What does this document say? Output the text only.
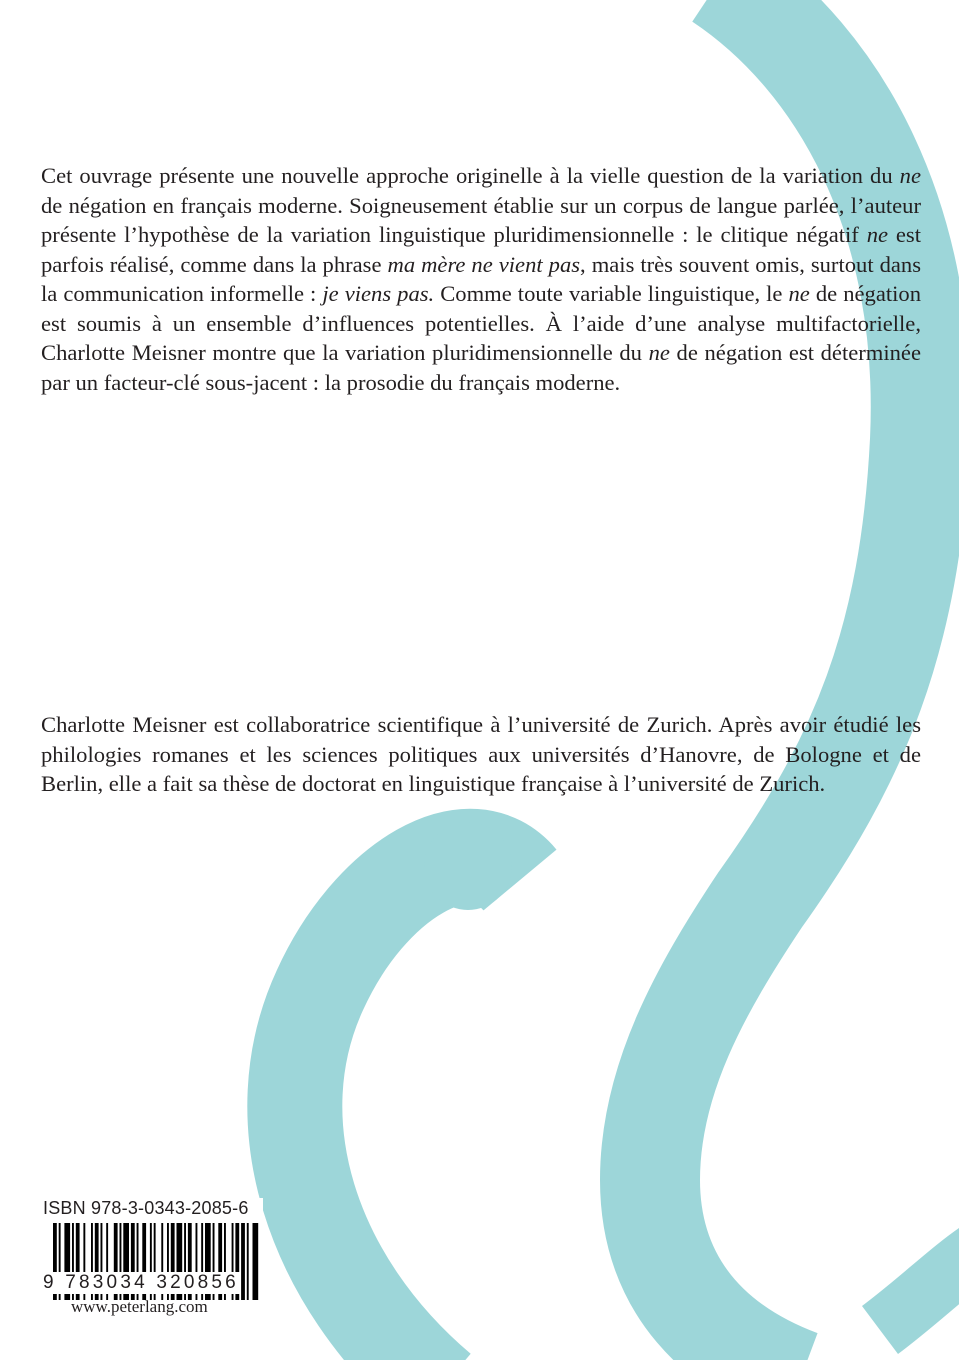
Cet ouvrage présente une nouvelle approche originelle à la vielle question de la variation du ne de négation en français moderne. Soigneusement établie sur un corpus de langue parlée, l’auteur présente l’hypothèse de la variation linguistique pluridimensionnelle : le clitique négatif ne est parfois réalisé, comme dans la phrase ma mère ne vient pas, mais très souvent omis, surtout dans la communication informelle : je viens pas. Comme toute variable linguistique, le ne de négation est soumis à un ensemble d’influences potentielles. À l’aide d’une analyse multifactorielle, Charlotte Meisner montre que la variation pluridimensionnelle du ne de négation est déterminée par un facteur-clé sous-jacent : la prosodie du français moderne.

Charlotte Meisner est collaboratrice scientifique à l’université de Zurich. Après avoir étudié les philologies romanes et les sciences politiques aux universités d’Hanovre, de Bologne et de Berlin, elle a fait sa thèse de doctorat en linguistique française à l’université de Zurich.

ISBN 978-3-0343-2085-6
9 783034 320856
www.peterlang.com
